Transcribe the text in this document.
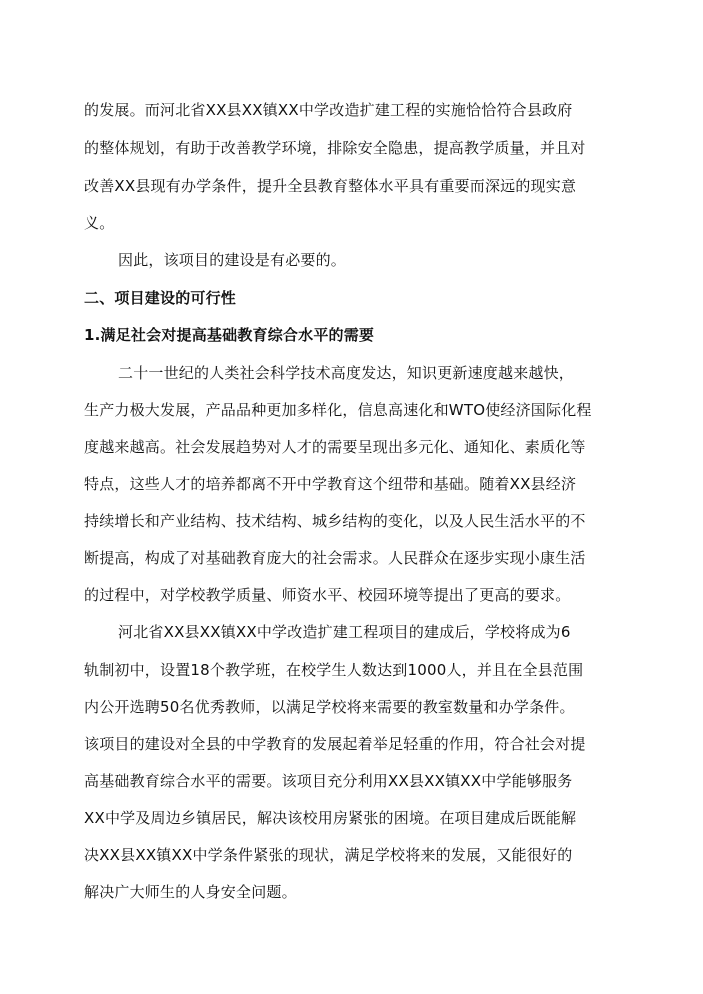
的发展。而河北省XX县XX镇XX中学改造扩建工程的实施恰恰符合县政府
的整体规划，有助于改善教学环境，排除安全隐患，提高教学质量，并且对
改善XX县现有办学条件，提升全县教育整体水平具有重要而深远的现实意
义。
因此，该项目的建设是有必要的。
二、项目建设的可行性
1.满足社会对提高基础教育综合水平的需要
二十一世纪的人类社会科学技术高度发达，知识更新速度越来越快，
生产力极大发展，产品品种更加多样化，信息高速化和WTO使经济国际化程
度越来越高。社会发展趋势对人才的需要呈现出多元化、通知化、素质化等
特点，这些人才的培养都离不开中学教育这个纽带和基础。随着XX县经济
持续增长和产业结构、技术结构、城乡结构的变化，以及人民生活水平的不
断提高，构成了对基础教育庞大的社会需求。人民群众在逐步实现小康生活
的过程中，对学校教学质量、师资水平、校园环境等提出了更高的要求。
河北省XX县XX镇XX中学改造扩建工程项目的建成后，学校将成为6
轨制初中，设置18个教学班，在校学生人数达到1000人，并且在全县范围
内公开选聘50名优秀教师，以满足学校将来需要的教室数量和办学条件。
该项目的建设对全县的中学教育的发展起着举足轻重的作用，符合社会对提
高基础教育综合水平的需要。该项目充分利用XX县XX镇XX中学能够服务
XX中学及周边乡镇居民，解决该校用房紧张的困境。在项目建成后既能解
决XX县XX镇XX中学条件紧张的现状，满足学校将来的发展，又能很好的
解决广大师生的人身安全问题。
